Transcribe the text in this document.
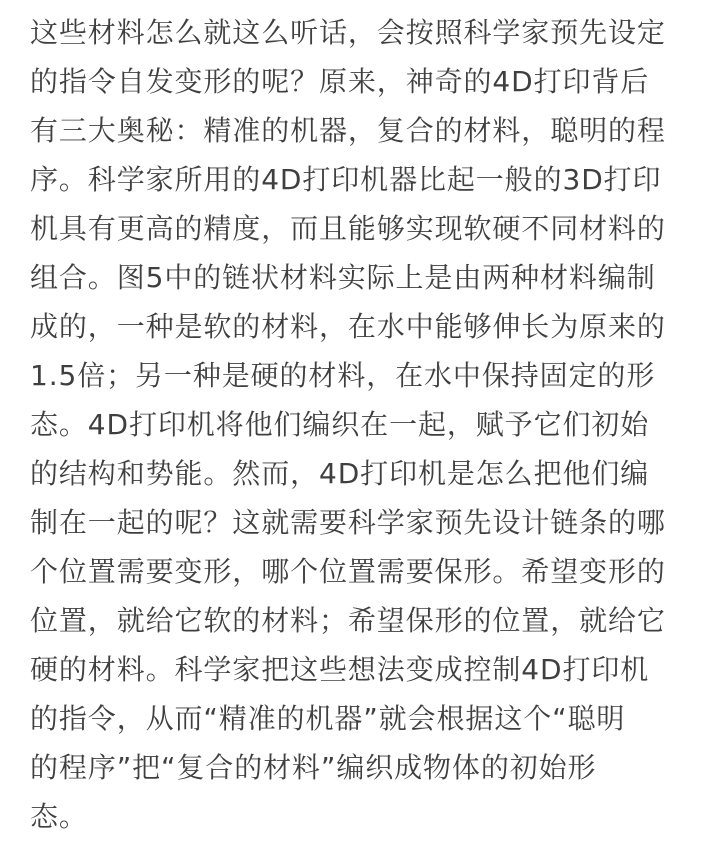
这些材料怎么就这么听话，会按照科学家预先设定
的指令自发变形的呢？原来，神奇的4D打印背后
有三大奥秘：精准的机器，复合的材料，聪明的程
序。科学家所用的4D打印机器比起一般的3D打印
机具有更高的精度，而且能够实现软硬不同材料的
组合。图5中的链状材料实际上是由两种材料编制
成的，一种是软的材料，在水中能够伸长为原来的
1.5倍；另一种是硬的材料，在水中保持固定的形
态。4D打印机将他们编织在一起，赋予它们初始
的结构和势能。然而，4D打印机是怎么把他们编
制在一起的呢？这就需要科学家预先设计链条的哪
个位置需要变形，哪个位置需要保形。希望变形的
位置，就给它软的材料；希望保形的位置，就给它
硬的材料。科学家把这些想法变成控制4D打印机
的指令，从而“精准的机器”就会根据这个“聪明
的程序”把“复合的材料”编织成物体的初始形
态。
